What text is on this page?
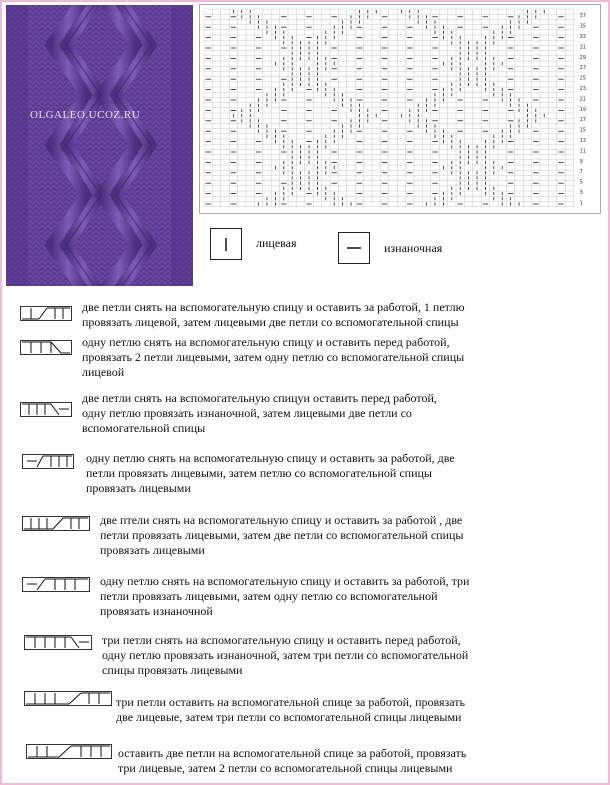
OLGALEO.UCOZ.RU
37
35
33
31
29
27
25
23
21
19
17
15
13
11
9
7
5
3
1
лицевая	изнаночная
две петли снять на вспомогательную спицу и оставить за работой, 1 петлю
провязать лицевой, затем лицевыми две петли со вспомогательной спицы
одну петлю снять на вспомогательную спицу и оставить перед работой,
провязать 2 петли лицевыми, затем одну петлю со вспомогательной спицы
лицевой
две петли снять на вспомогательную спицуи оставить перед работой,
одну петлю провязать изнаночной, затем лицевыми две петли со
вспомогательной спицы
одну петлю снять на вспомогательную спицу и оставить за работой, две
петли провязать лицевыми, затем петлю со вспомогательной спицы
провязать лицевыми
две птели снять на вспомогательную спицу и оставить за работой , две
петли провязать лицевыми, затем две петли со вспомогательной спицы
провязать лицевыми
одну петлю снять на вспомогательную спицу и оставить за работой, три
петли провязать лицевыми, затем одну петлю со вспомогательной
провязать изнаночной
три петли снять на вспомогательную спицу и оставить перед работой,
одну петлю провязать изнаночной, затем три петли со вспомогательной
спицы провязать лицевыми
три петли оставить на вспомогательной спице за работой, провязать
две лицевые, затем три петли со вспомогательной спицы лицевыми
оставить две петли на вспомогательной спице за работой, провязать
три лицевые, затем 2 петли со вспомогательной спицы лицевыми
